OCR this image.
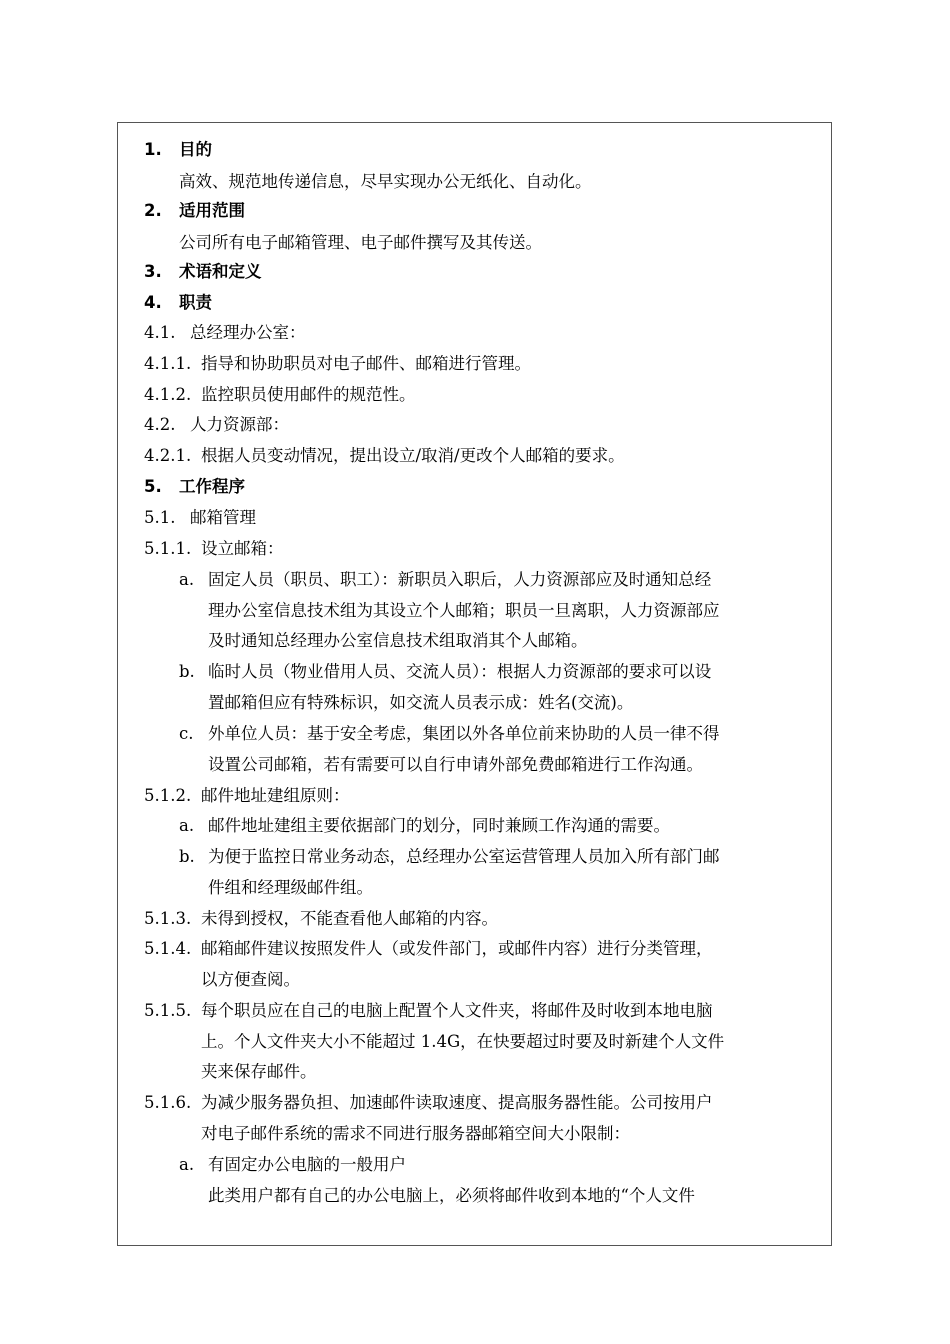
1. 目的
高效、规范地传递信息，尽早实现办公无纸化、自动化。
2. 适用范围
公司所有电子邮箱管理、电子邮件撰写及其传送。
3. 术语和定义
4. 职责
4.1. 总经理办公室：
4.1.1. 指导和协助职员对电子邮件、邮箱进行管理。
4.1.2. 监控职员使用邮件的规范性。
4.2. 人力资源部：
4.2.1. 根据人员变动情况，提出设立/取消/更改个人邮箱的要求。
5. 工作程序
5.1. 邮箱管理
5.1.1. 设立邮箱：
a. 固定人员（职员、职工）：新职员入职后，人力资源部应及时通知总经
理办公室信息技术组为其设立个人邮箱；职员一旦离职，人力资源部应
及时通知总经理办公室信息技术组取消其个人邮箱。
b. 临时人员（物业借用人员、交流人员）：根据人力资源部的要求可以设
置邮箱但应有特殊标识，如交流人员表示成：姓名(交流)。
c. 外单位人员：基于安全考虑，集团以外各单位前来协助的人员一律不得
设置公司邮箱，若有需要可以自行申请外部免费邮箱进行工作沟通。
5.1.2. 邮件地址建组原则：
a. 邮件地址建组主要依据部门的划分，同时兼顾工作沟通的需要。
b. 为便于监控日常业务动态，总经理办公室运营管理人员加入所有部门邮
件组和经理级邮件组。
5.1.3. 未得到授权，不能查看他人邮箱的内容。
5.1.4. 邮箱邮件建议按照发件人（或发件部门，或邮件内容）进行分类管理，
以方便查阅。
5.1.5. 每个职员应在自己的电脑上配置个人文件夹，将邮件及时收到本地电脑
上。个人文件夹大小不能超过 1.4G，在快要超过时要及时新建个人文件
夹来保存邮件。
5.1.6. 为减少服务器负担、加速邮件读取速度、提高服务器性能。公司按用户
对电子邮件系统的需求不同进行服务器邮箱空间大小限制：
a. 有固定办公电脑的一般用户
此类用户都有自己的办公电脑上，必须将邮件收到本地的“个人文件
